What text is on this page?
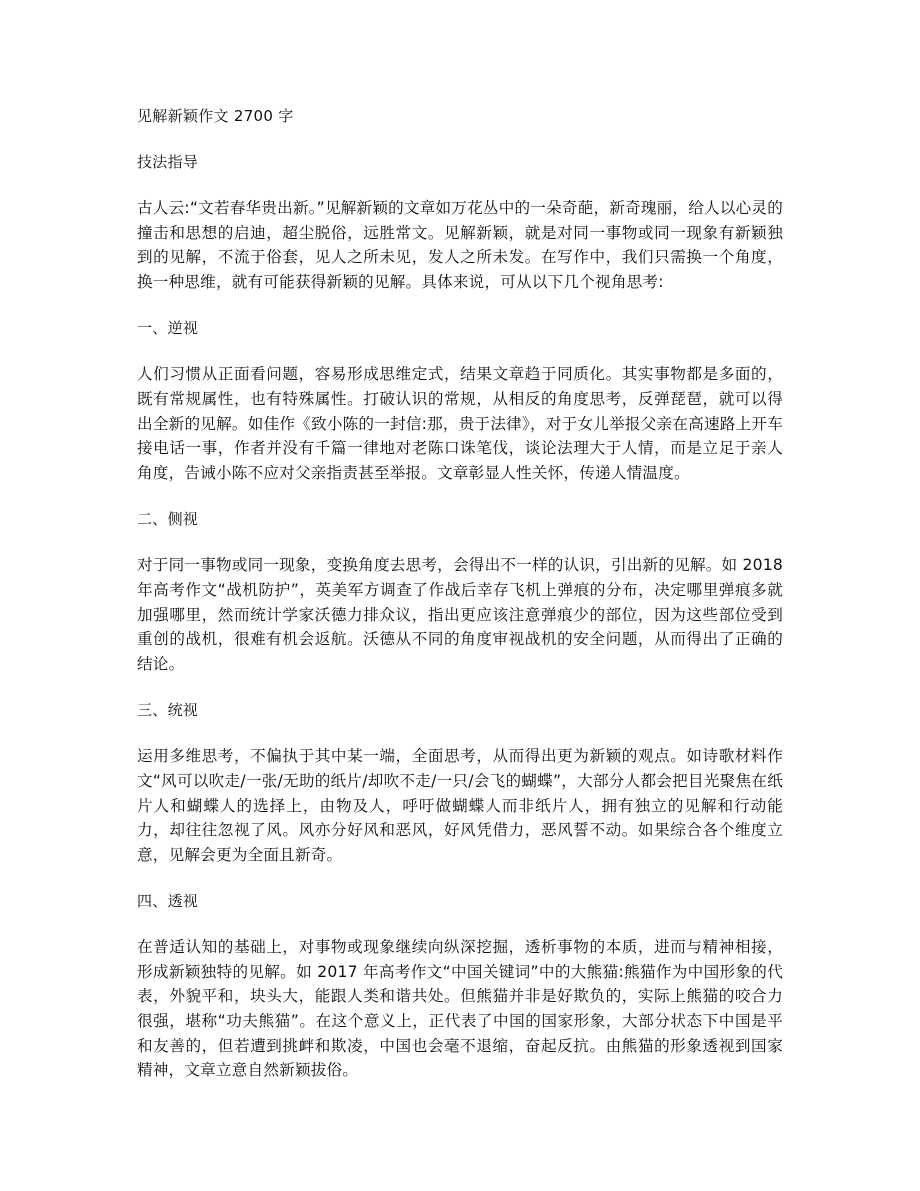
见解新颖作文 2700 字
技法指导

古人云:“文若春华贵出新。”见解新颖的文章如万花丛中的一朵奇葩，新奇瑰丽，给人以心灵的撞击和思想的启迪，超尘脱俗，远胜常文。见解新颖，就是对同一事物或同一现象有新颖独到的见解，不流于俗套，见人之所未见，发人之所未发。在写作中，我们只需换一个角度，换一种思维，就有可能获得新颖的见解。具体来说，可从以下几个视角思考:

一、逆视

人们习惯从正面看问题，容易形成思维定式，结果文章趋于同质化。其实事物都是多面的，既有常规属性，也有特殊属性。打破认识的常规，从相反的角度思考，反弹琵琶，就可以得出全新的见解。如佳作《致小陈的一封信:那，贵于法律》，对于女儿举报父亲在高速路上开车接电话一事，作者并没有千篇一律地对老陈口诛笔伐，谈论法理大于人情，而是立足于亲人角度，告诫小陈不应对父亲指责甚至举报。文章彰显人性关怀，传递人情温度。

二、侧视

对于同一事物或同一现象，变换角度去思考，会得出不一样的认识，引出新的见解。如 2018 年高考作文“战机防护”，英美军方调查了作战后幸存飞机上弹痕的分布，决定哪里弹痕多就加强哪里，然而统计学家沃德力排众议，指出更应该注意弹痕少的部位，因为这些部位受到重创的战机，很难有机会返航。沃德从不同的角度审视战机的安全问题，从而得出了正确的结论。

三、统视

运用多维思考，不偏执于其中某一端，全面思考，从而得出更为新颖的观点。如诗歌材料作文“风可以吹走/一张/无助的纸片/却吹不走/一只/会飞的蝴蝶”，大部分人都会把目光聚焦在纸片人和蝴蝶人的选择上，由物及人，呼吁做蝴蝶人而非纸片人，拥有独立的见解和行动能力，却往往忽视了风。风亦分好风和恶风，好风凭借力，恶风誓不动。如果综合各个维度立意，见解会更为全面且新奇。

四、透视

在普适认知的基础上，对事物或现象继续向纵深挖掘，透析事物的本质，进而与精神相接，形成新颖独特的见解。如 2017 年高考作文“中国关键词”中的大熊猫:熊猫作为中国形象的代表，外貌平和，块头大，能跟人类和谐共处。但熊猫并非是好欺负的，实际上熊猫的咬合力很强，堪称“功夫熊猫”。在这个意义上，正代表了中国的国家形象，大部分状态下中国是平和友善的，但若遭到挑衅和欺凌，中国也会毫不退缩，奋起反抗。由熊猫的形象透视到国家精神，文章立意自然新颖拔俗。
